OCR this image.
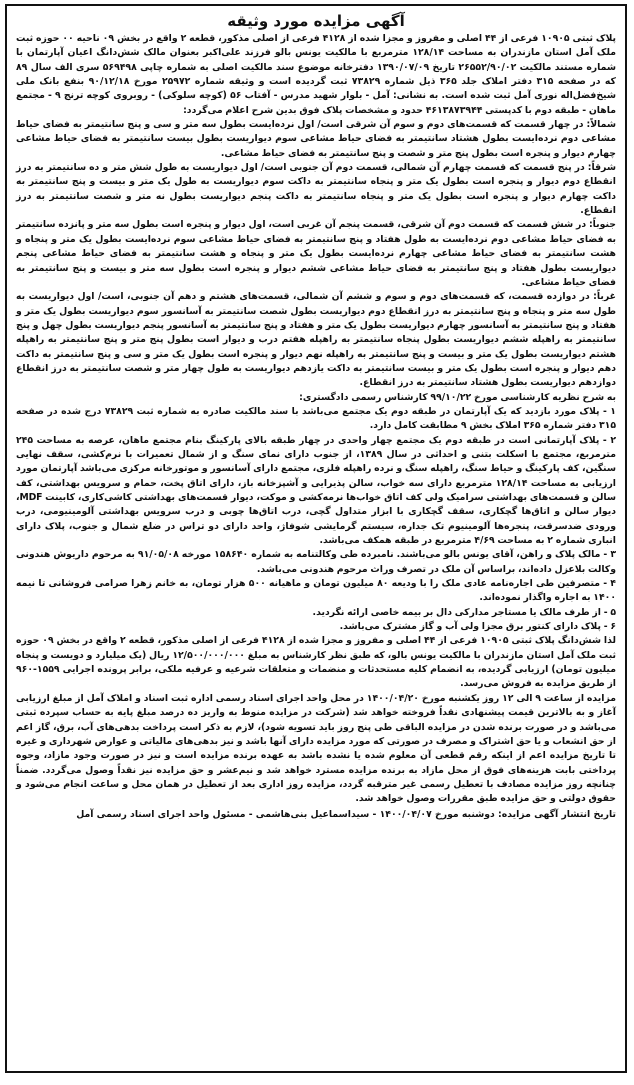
آگهی مزایده مورد وثیقه

پلاک ثبتی ۱۰۹۰۵ فرعی از ۴۴ اصلی و مفروز و مجزا شده از ۴۱۲۸ فرعی از اصلی مذکور، قطعه ۲ واقع در بخش ۰۹ ناحیه ۰۰ حوزه ثبت ملک آمل استان مازندران به مساحت ۱۲۸/۱۴ مترمربع با مالکیت یونس بالو فرزند علی‌اکبر بعنوان مالک شش‌دانگ اعیان آپارتمان با شماره مستند مالکیت ۲۶۵۵۲/۹۰/۰۲ تاریخ ۱۳۹۰/۰۷/۰۹ دفترخانه موضوع سند مالکیت اصلی به شماره چاپی ۵۶۹۴۹۸ سری الف سال ۸۹ که در صفحه ۳۱۵ دفتر املاک جلد ۳۶۵ ذیل شماره ۷۳۸۲۹ ثبت گردیده است و وثیقه شماره ۲۵۹۷۲ مورخ ۹۰/۱۲/۱۸ بنفع بانک ملی شیخ‌فضل‌اله نوری آمل ثبت شده است. به نشانی: آمل - بلوار شهید مدرس - آفتاب ۵۶ (کوچه سلوکی) - روبروی کوچه ترنج ۹ - مجتمع ماهان - طبقه دوم با کدپستی ۴۶۱۳۸۷۳۹۴۴ حدود و مشخصات پلاک فوق بدین شرح اعلام می‌گردد:

شمالاً: در چهار قسمت که قسمت‌های دوم و سوم آن شرقی است/ اول نرده‌ایست بطول سه متر و سی و پنج سانتیمتر به فضای حیاط مشاعی دوم نرده‌ایست بطول هشتاد سانتیمتر به فضای حیاط مشاعی سوم دیواریست بطول بیست سانتیمتر به فضای حیاط مشاعی چهارم دیوار و پنجره است بطول پنج متر و شصت و پنج سانتیمتر به فضای حیاط مشاعی.

شرقاً: در پنج قسمت که قسمت چهارم آن شمالی، قسمت دوم آن جنوبی است/ اول دیواریست به طول شش متر و ده سانتیمتر به درز انقطاع دوم دیوار و پنجره است بطول یک متر و پنجاه سانتیمتر به داکت سوم دیواریست به طول یک متر و بیست و پنج سانتیمتر به داکت چهارم دیوار و پنجره است بطول یک متر و پنجاه سانتیمتر به داکت پنجم دیواریست بطول نه متر و شصت سانتیمتر به درز انقطاع.

جنوباً: در شش قسمت که قسمت دوم آن شرقی، قسمت پنجم آن غربی است، اول دیوار و پنجره است بطول سه متر و پانزده سانتیمتر به فضای حیاط مشاعی دوم نرده‌ایست به طول هفتاد و پنج سانتیمتر به فضای حیاط مشاعی سوم نرده‌ایست بطول یک متر و پنجاه و هشت سانتیمتر به فضای حیاط مشاعی چهارم نرده‌ایست بطول یک متر و پنجاه و هشت سانتیمتر به فضای حیاط مشاعی پنجم دیواریست بطول هفتاد و پنج سانتیمتر به فضای حیاط مشاعی ششم دیوار و پنجره است بطول سه متر و بیست و پنج سانتیمتر به فضای حیاط مشاعی.

غرباً: در دوازده قسمت، که قسمت‌های دوم و سوم و ششم آن شمالی، قسمت‌های هشتم و دهم آن جنوبی، است/ اول دیواریست به طول سه متر و پنجاه و پنج سانتیمتر به درز انقطاع دوم دیواریست بطول شصت سانتیمتر به آسانسور سوم دیواریست بطول یک متر و هفتاد و پنج سانتیمتر به آسانسور چهارم دیواریست بطول یک متر و هفتاد و پنج سانتیمتر به آسانسور پنجم دیواریست بطول چهل و پنج سانتیمتر به راهپله ششم دیواریست بطول پنجاه سانتیمتر به راهپله هفتم درب و دیوار است بطول پنج متر و پنج سانتیمتر به راهپله هشتم دیواریست بطول یک متر و بیست و پنج سانتیمتر به راهپله نهم دیوار و پنجره است بطول یک متر و سی و پنج سانتیمتر به داکت دهم دیوار و پنجره است بطول یک متر و بیست سانتیمتر به داکت یازدهم دیواریست به طول چهار متر و شصت سانتیمتر به درز انقطاع دوازدهم دیواریست بطول هشتاد سانتیمتر به درز انقطاع.

به شرح نظریه کارشناسی مورخ ۹۹/۱۰/۲۲ کارشناس رسمی دادگستری:

۱ - پلاک مورد بازدید که یک آپارتمان در طبقه دوم یک مجتمع می‌باشد با سند مالکیت صادره به شماره ثبت ۷۳۸۲۹ درج شده در صفحه ۳۱۵ دفتر شماره ۳۶۵ املاک بخش ۹ مطابقت کامل دارد.

۲ - پلاک آپارتمانی است در طبقه دوم یک مجتمع چهار واحدی در چهار طبقه بالای پارکینگ بنام مجتمع ماهان، عرصه به مساحت ۲۴۵ مترمربع، مجتمع با اسکلت بتنی و احداثی در سال ۱۳۸۹، از جنوب دارای نمای سنگ و از شمال تعمیرات با نرم‌کشی، سقف نهایی سنگین، کف پارکینگ و حیاط سنگ، راهپله سنگ و نرده راهپله فلزی، مجتمع دارای آسانسور و موتورخانه مرکزی می‌باشد آپارتمان مورد ارزیابی به مساحت ۱۲۸/۱۴ مترمربع دارای سه خواب، سالن پذیرایی و آشپزخانه باز، دارای اتاق پخت، حمام و سرویس بهداشتی، کف سالن و قسمت‌های بهداشتی سرامیک ولی کف اتاق خواب‌ها نرمه‌کشی و موکت، دیوار قسمت‌های بهداشتی کاشی‌کاری، کابینت MDF، دیوار سالن و اتاق‌ها گچکاری، سقف گچکاری با ابزار متداول گچی، درب اتاق‌ها چوبی و درب سرویس بهداشتی آلومینیومی، درب ورودی ضدسرقت، پنجره‌ها آلومینیوم تک جداره، سیستم گرمایشی شوفاژ، واحد دارای دو تراس در ضلع شمال و جنوب، پلاک دارای انباری شماره ۲ به مساحت ۴/۶۹ مترمربع در طبقه همکف می‌باشد.

۳ - مالک پلاک و راهن، آقای یونس بالو می‌باشند. نامبرده طی وکالتنامه به شماره ۱۵۸۶۴۰ مورخه ۹۱/۰۵/۰۸ به مرحوم داریوش هندونی وکالت بلاعزل داده‌اند، براساس آن ملک در تصرف وراث مرحوم هندونی می‌باشد.

۴ - متصرفین طی اجاره‌نامه عادی ملک را با ودیعه ۸۰ میلیون تومان و ماهیانه ۵۰۰ هزار تومان، به خانم زهرا صرامی فروشانی تا نیمه ۱۴۰۰ به اجاره واگذار نموده‌اند.

۵ - از طرف مالک یا مستاجر مدارکی دال بر بیمه خاصی ارائه نگردید.

۶ - پلاک دارای کنتور برق مجزا ولی آب و گاز مشترک می‌باشد.

لذا شش‌دانگ پلاک ثبتی ۱۰۹۰۵ فرعی از ۴۴ اصلی و مفروز و مجزا شده از ۴۱۲۸ فرعی از اصلی مذکور، قطعه ۲ واقع در بخش ۰۹ حوزه ثبت ملک آمل استان مازندران با مالکیت یونس بالو، که طبق نظر کارشناس به مبلغ ۱۲/۵۰۰/۰۰۰/۰۰۰ ریال (یک میلیارد و دویست و پنجاه میلیون تومان) ارزیابی گردیده، به انضمام کلیه مستحدثات و منضمات و متعلقات شرعیه و عرفیه ملکی، برابر پرونده اجرایی ۱۵۵۹-۹۶۰ از طریق مزایده به فروش می‌رسد.

مزایده از ساعت ۹ الی ۱۲ روز یکشنبه مورخ ۱۴۰۰/۰۴/۲۰ در محل واحد اجرای اسناد رسمی اداره ثبت اسناد و املاک آمل از مبلغ ارزیابی آغاز و به بالاترین قیمت پیشنهادی نقداً فروخته خواهد شد (شرکت در مزایده منوط به واریز ده درصد مبلغ پایه به حساب سپرده ثبتی می‌باشد و در صورت برنده شدن در مزایده الباقی طی پنج روز باید تسویه شود)، لازم به ذکر است پرداخت بدهی‌های آب، برق، گاز اعم از حق انشعاب و یا حق اشتراک و مصرف در صورتی که مورد مزایده دارای آنها باشد و نیز بدهی‌های مالیاتی و عوارض شهرداری و غیره تا تاریخ مزایده اعم از اینکه رقم قطعی آن معلوم شده یا نشده باشد به عهده برنده مزایده است و نیز در صورت وجود مازاد، وجوه پرداختی بابت هزینه‌های فوق از محل مازاد به برنده مزایده مسترد خواهد شد و نیم‌عشر و حق مزایده نیز نقداً وصول می‌گردد. ضمناً چنانچه روز مزایده مصادف با تعطیل رسمی غیر مترقبه گردد، مزایده روز اداری بعد از تعطیل در همان محل و ساعت انجام می‌شود و حقوق دولتی و حق مزایده طبق مقررات وصول خواهد شد.

تاریخ انتشار آگهی مزایده: دوشنبه مورخ ۱۴۰۰/۰۴/۰۷ - سیداسماعیل بنی‌هاشمی - مسئول واحد اجرای اسناد رسمی آمل
